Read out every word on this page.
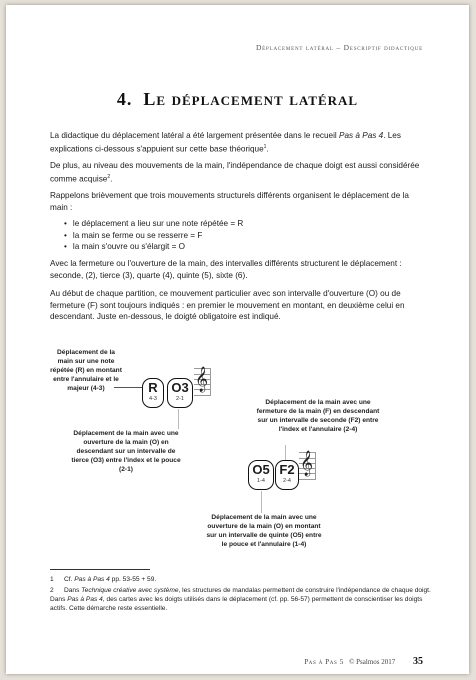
Déplacement latéral – Descriptif didactique
4. Le déplacement latéral

La didactique du déplacement latéral a été largement présentée dans le recueil Pas à Pas 4. Les explications ci-dessous s'appuient sur cette base théorique$^1$.

De plus, au niveau des mouvements de la main, l'indépendance de chaque doigt est aussi considérée comme acquise$^2$.

Rappelons brièvement que trois mouvements structurels différents organisent le déplacement de la main :

• le déplacement a lieu sur une note répétée = R
• la main se ferme ou se resserre = F
• la main s'ouvre ou s'élargit = O

Avec la fermeture ou l'ouverture de la main, des intervalles différents structurent le déplacement : seconde, (2), tierce (3), quarte (4), quinte (5), sixte (6).

Au début de chaque partition, ce mouvement particulier avec son intervalle d'ouverture (O) ou de fermeture (F) sont toujours indiqués : en premier le mouvement en montant, en deuxième celui en descendant. Juste en-dessous, le doigté obligatoire est indiqué.

Déplacement de la main sur une note répétée (R) en montant entre l'annulaire et le majeur (4-3)	R
4-3
O3
2-1
𝄞
Déplacement de la main avec une ouverture de la main (O) en descendant sur un intervalle de tierce (O3) entre l'index et le pouce (2-1)
Déplacement de la main avec une fermeture de la main (F) en descendant sur un intervalle de seconde (F2) entre l'index et l'annulaire (2-4)
O5
1-4
F2
2-4
𝄞
Déplacement de la main avec une ouverture de la main (O) en montant sur un intervalle de quinte (O5) entre le pouce et l'annulaire (1-4)
1 Cf. Pas à Pas 4 pp. 53-55 + 59.
2 Dans Technique créative avec système, les structures de mandalas permettent de construire l'indépendance de chaque doigt. Dans Pas à Pas 4, des cartes avec les doigts utilisés dans le déplacement (cf. pp. 56-57) permettent de conscientiser les doigts actifs. Cette démarche reste essentielle.
Pas à Pas 5 © Psalmos 2017 35
